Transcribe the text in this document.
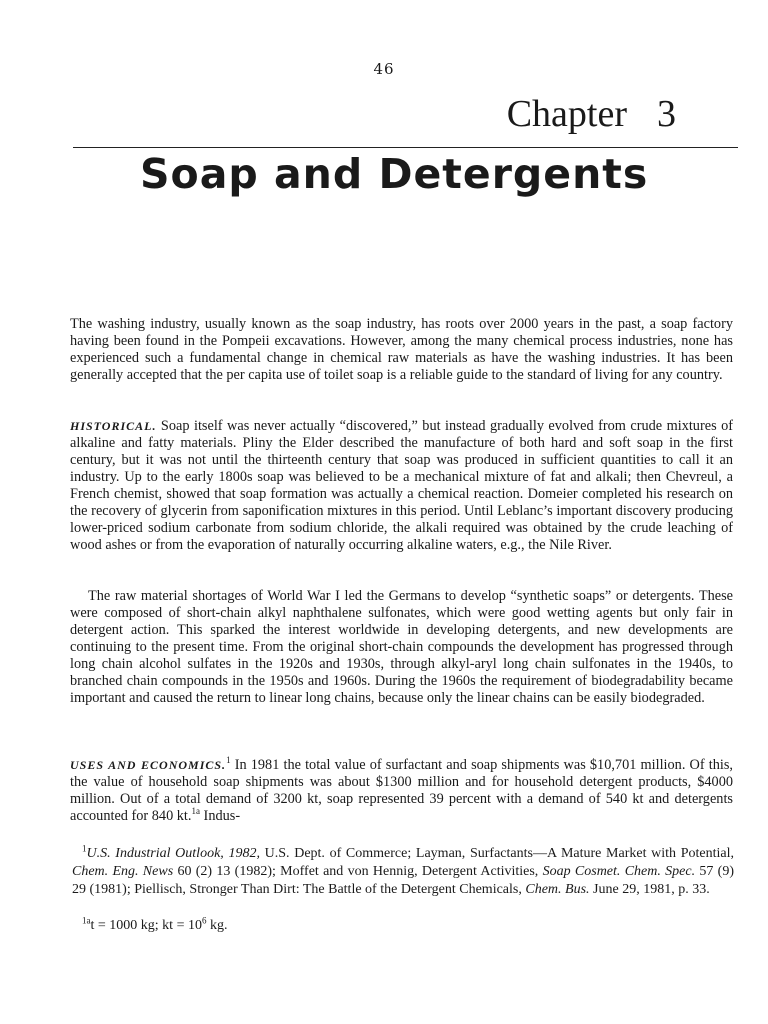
46
Chapter 3
Soap and Detergents

The washing industry, usually known as the soap industry, has roots over 2000 years in the past, a soap factory having been found in the Pompeii excavations. However, among the many chemical process industries, none has experienced such a fundamental change in chemical raw materials as have the washing industries. It has been generally accepted that the per capita use of toilet soap is a reliable guide to the standard of living for any country.

HISTORICAL. Soap itself was never actually “discovered,” but instead gradually evolved from crude mixtures of alkaline and fatty materials. Pliny the Elder described the manufacture of both hard and soft soap in the first century, but it was not until the thirteenth century that soap was produced in sufficient quantities to call it an industry. Up to the early 1800s soap was believed to be a mechanical mixture of fat and alkali; then Chevreul, a French chemist, showed that soap formation was actually a chemical reaction. Domeier completed his research on the recovery of glycerin from saponification mixtures in this period. Until Leblanc’s important discovery producing lower-priced sodium carbonate from sodium chloride, the alkali required was obtained by the crude leaching of wood ashes or from the evaporation of naturally occurring alkaline waters, e.g., the Nile River.

The raw material shortages of World War I led the Germans to develop “synthetic soaps” or detergents. These were composed of short-chain alkyl naphthalene sulfonates, which were good wetting agents but only fair in detergent action. This sparked the interest worldwide in developing detergents, and new developments are continuing to the present time. From the original short-chain compounds the development has progressed through long chain alcohol sulfates in the 1920s and 1930s, through alkyl-aryl long chain sulfonates in the 1940s, to branched chain compounds in the 1950s and 1960s. During the 1960s the requirement of biodegradability became important and caused the return to linear long chains, because only the linear chains can be easily biodegraded.

USES AND ECONOMICS.$^1$ In 1981 the total value of surfactant and soap shipments was $10,701 million. Of this, the value of household soap shipments was about $1300 million and for household detergent products, $4000 million. Out of a total demand of 3200 kt, soap represented 39 percent with a demand of 540 kt and detergents accounted for 840 kt.$^{1a}$ Indus-

$^1$U.S. Industrial Outlook, 1982, U.S. Dept. of Commerce; Layman, Surfactants—A Mature Market with Potential, Chem. Eng. News 60 (2) 13 (1982); Moffet and von Hennig, Detergent Activities, Soap Cosmet. Chem. Spec. 57 (9) 29 (1981); Piellisch, Stronger Than Dirt: The Battle of the Detergent Chemicals, Chem. Bus. June 29, 1981, p. 33.

$^{1a}$t = 1000 kg; kt = $10^6$ kg.
